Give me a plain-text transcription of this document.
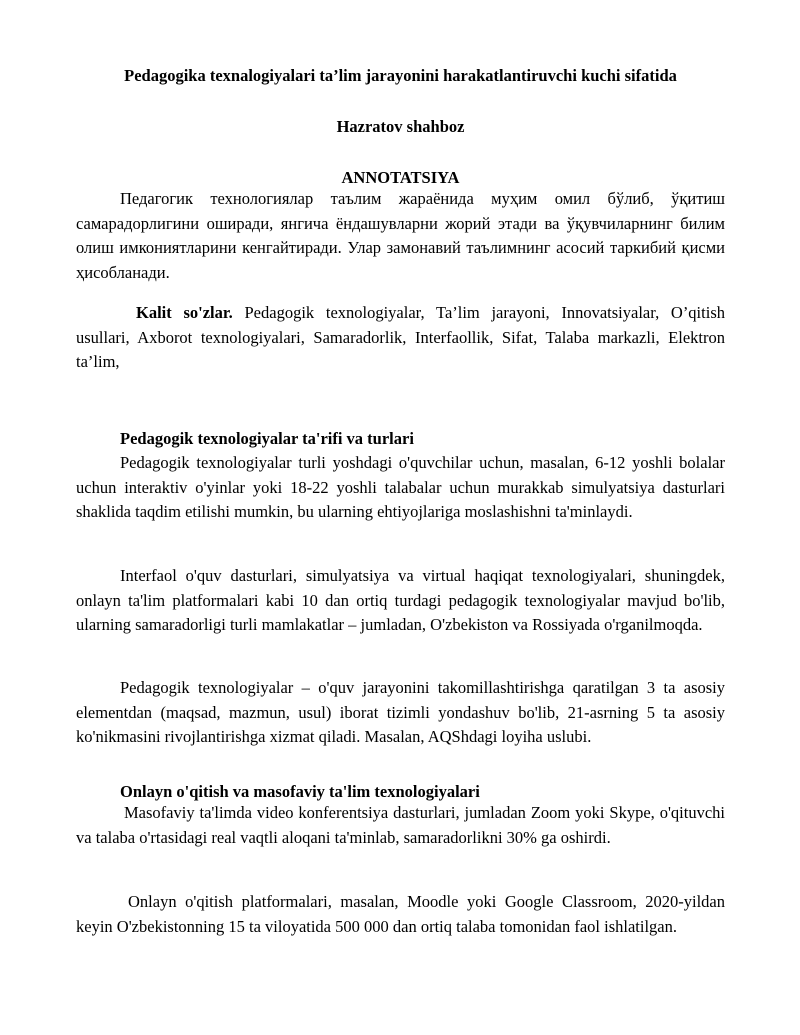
Pedagogika texnalogiyalari ta’lim jarayonini harakatlantiruvchi kuchi sifatida
Hazratov shahboz
ANNOTATSIYA

Педагогик технологиялар таълим жараёнида муҳим омил бўлиб, ўқитиш самарадорлигини оширади, янгича ёндашувларни жорий этади ва ўқувчиларнинг билим олиш имкониятларини кенгайтиради. Улар замонавий таълимнинг асосий таркибий қисми ҳисобланади.

Kalit so'zlar. Pedagogik texnologiyalar, Ta’lim jarayoni, Innovatsiyalar, O’qitish usullari, Axborot texnologiyalari, Samaradorlik, Interfaollik, Sifat, Talaba markazli, Elektron ta’lim,

Pedagogik texnologiyalar ta'rifi va turlari

Pedagogik texnologiyalar turli yoshdagi o'quvchilar uchun, masalan, 6-12 yoshli bolalar uchun interaktiv o'yinlar yoki 18-22 yoshli talabalar uchun murakkab simulyatsiya dasturlari shaklida taqdim etilishi mumkin, bu ularning ehtiyojlariga moslashishni ta'minlaydi.

Interfaol o'quv dasturlari, simulyatsiya va virtual haqiqat texnologiyalari, shuningdek, onlayn ta'lim platformalari kabi 10 dan ortiq turdagi pedagogik texnologiyalar mavjud bo'lib, ularning samaradorligi turli mamlakatlar – jumladan, O'zbekiston va Rossiyada o'rganilmoqda.

Pedagogik texnologiyalar – o'quv jarayonini takomillashtirishga qaratilgan 3 ta asosiy elementdan (maqsad, mazmun, usul) iborat tizimli yondashuv bo'lib, 21-asrning 5 ta asosiy ko'nikmasini rivojlantirishga xizmat qiladi. Masalan, AQShdagi loyiha uslubi.

Onlayn o'qitish va masofaviy ta'lim texnologiyalari

Masofaviy ta'limda video konferentsiya dasturlari, jumladan Zoom yoki Skype, o'qituvchi va talaba o'rtasidagi real vaqtli aloqani ta'minlab, samaradorlikni 30% ga oshirdi.

Onlayn o'qitish platformalari, masalan, Moodle yoki Google Classroom, 2020-yildan keyin O'zbekistonning 15 ta viloyatida 500 000 dan ortiq talaba tomonidan faol ishlatilgan.
